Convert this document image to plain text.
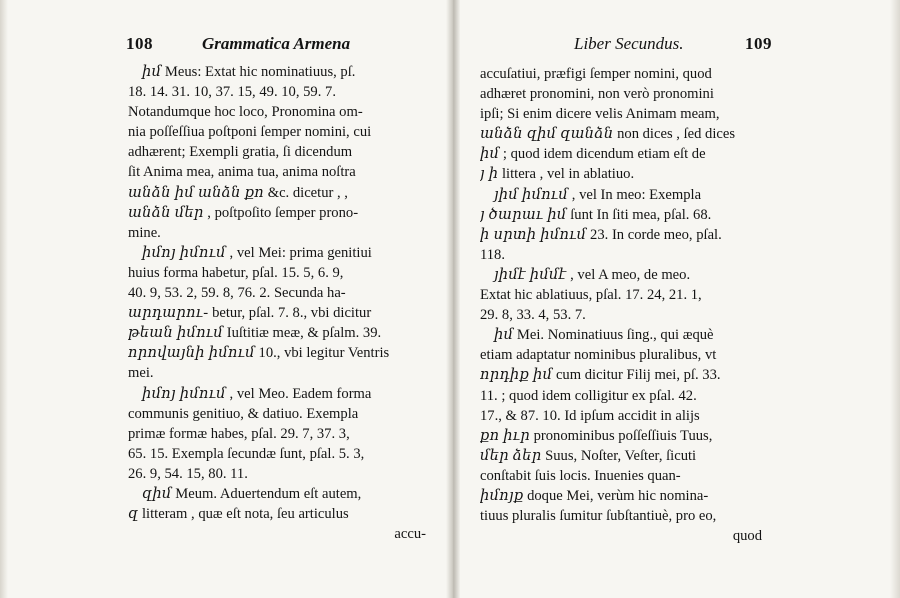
108	Grammatica Armena
իմ Meus: Extat hic nominatiuus, pſ.
18. 14. 31. 10, 37. 15, 49. 10, 59. 7.
Notandumque hoc loco, Pronomina om-
nia poſſeſſiua poſtponi ſemper nomini, cui
adhærent; Exempli gratia, ſi dicendum
ſit Anima mea, anima tua, anima noſtra
անձն իմ անձն քո &c. dicetur , ,
անձն մեր , poſtpoſito ſemper prono-
mine.
իմոյ իմում , vel Mei: prima genitiui
huius forma habetur, pſal. 15. 5, 6. 9,
40. 9, 53. 2, 59. 8, 76. 2. Secunda ha-
արդարու- betur, pſal. 7. 8., vbi dicitur
թեան իմում Iuſtitiæ meæ, & pſalm. 39.
որովայնի իմում 10., vbi legitur Ventris
mei.
իմոյ իմում , vel Meo. Eadem forma
communis genitiuo, & datiuo. Exempla
primæ formæ habes, pſal. 29. 7, 37. 3,
65. 15. Exempla ſecundæ ſunt, pſal. 5. 3,
26. 9, 54. 15, 80. 11.
զիմ Meum. Aduertendum eſt autem,
զ litteram , quæ eſt nota, ſeu articulus
accu-
Liber Secundus.	109
accuſatiui, præfigi ſemper nomini, quod
adhæret pronomini, non verò pronomini
ipſi; Si enim dicere velis Animam meam,
անձն զիմ զանձն non dices , ſed dices
իմ ; quod idem dicendum etiam eſt de
յ ի littera , vel in ablatiuo.
յիմ իմում , vel In meo: Exempla
յ ծարաւ իմ ſunt In ſiti mea, pſal. 68.
ի սրտի իմում 23. In corde meo, pſal.
118.
յիմէ իմմէ , vel A meo, de meo.
Extat hic ablatiuus, pſal. 17. 24, 21. 1,
29. 8, 33. 4, 53. 7.
իմ Mei. Nominatiuus ſing., qui æquè
etiam adaptatur nominibus pluralibus, vt
որդիք իմ cum dicitur Filij mei, pſ. 33.
11. ; quod idem colligitur ex pſal. 42.
17., & 87. 10. Id ipſum accidit in alijs
քո իւր pronominibus poſſeſſiuis Tuus,
մեր ձեր Suus, Noſter, Veſter, ſicuti
conſtabit ſuis locis. Inuenies quan-
իմոյք doque Mei, verùm hic nomina-
tiuus pluralis ſumitur ſubſtantiuè, pro eo,
quod
